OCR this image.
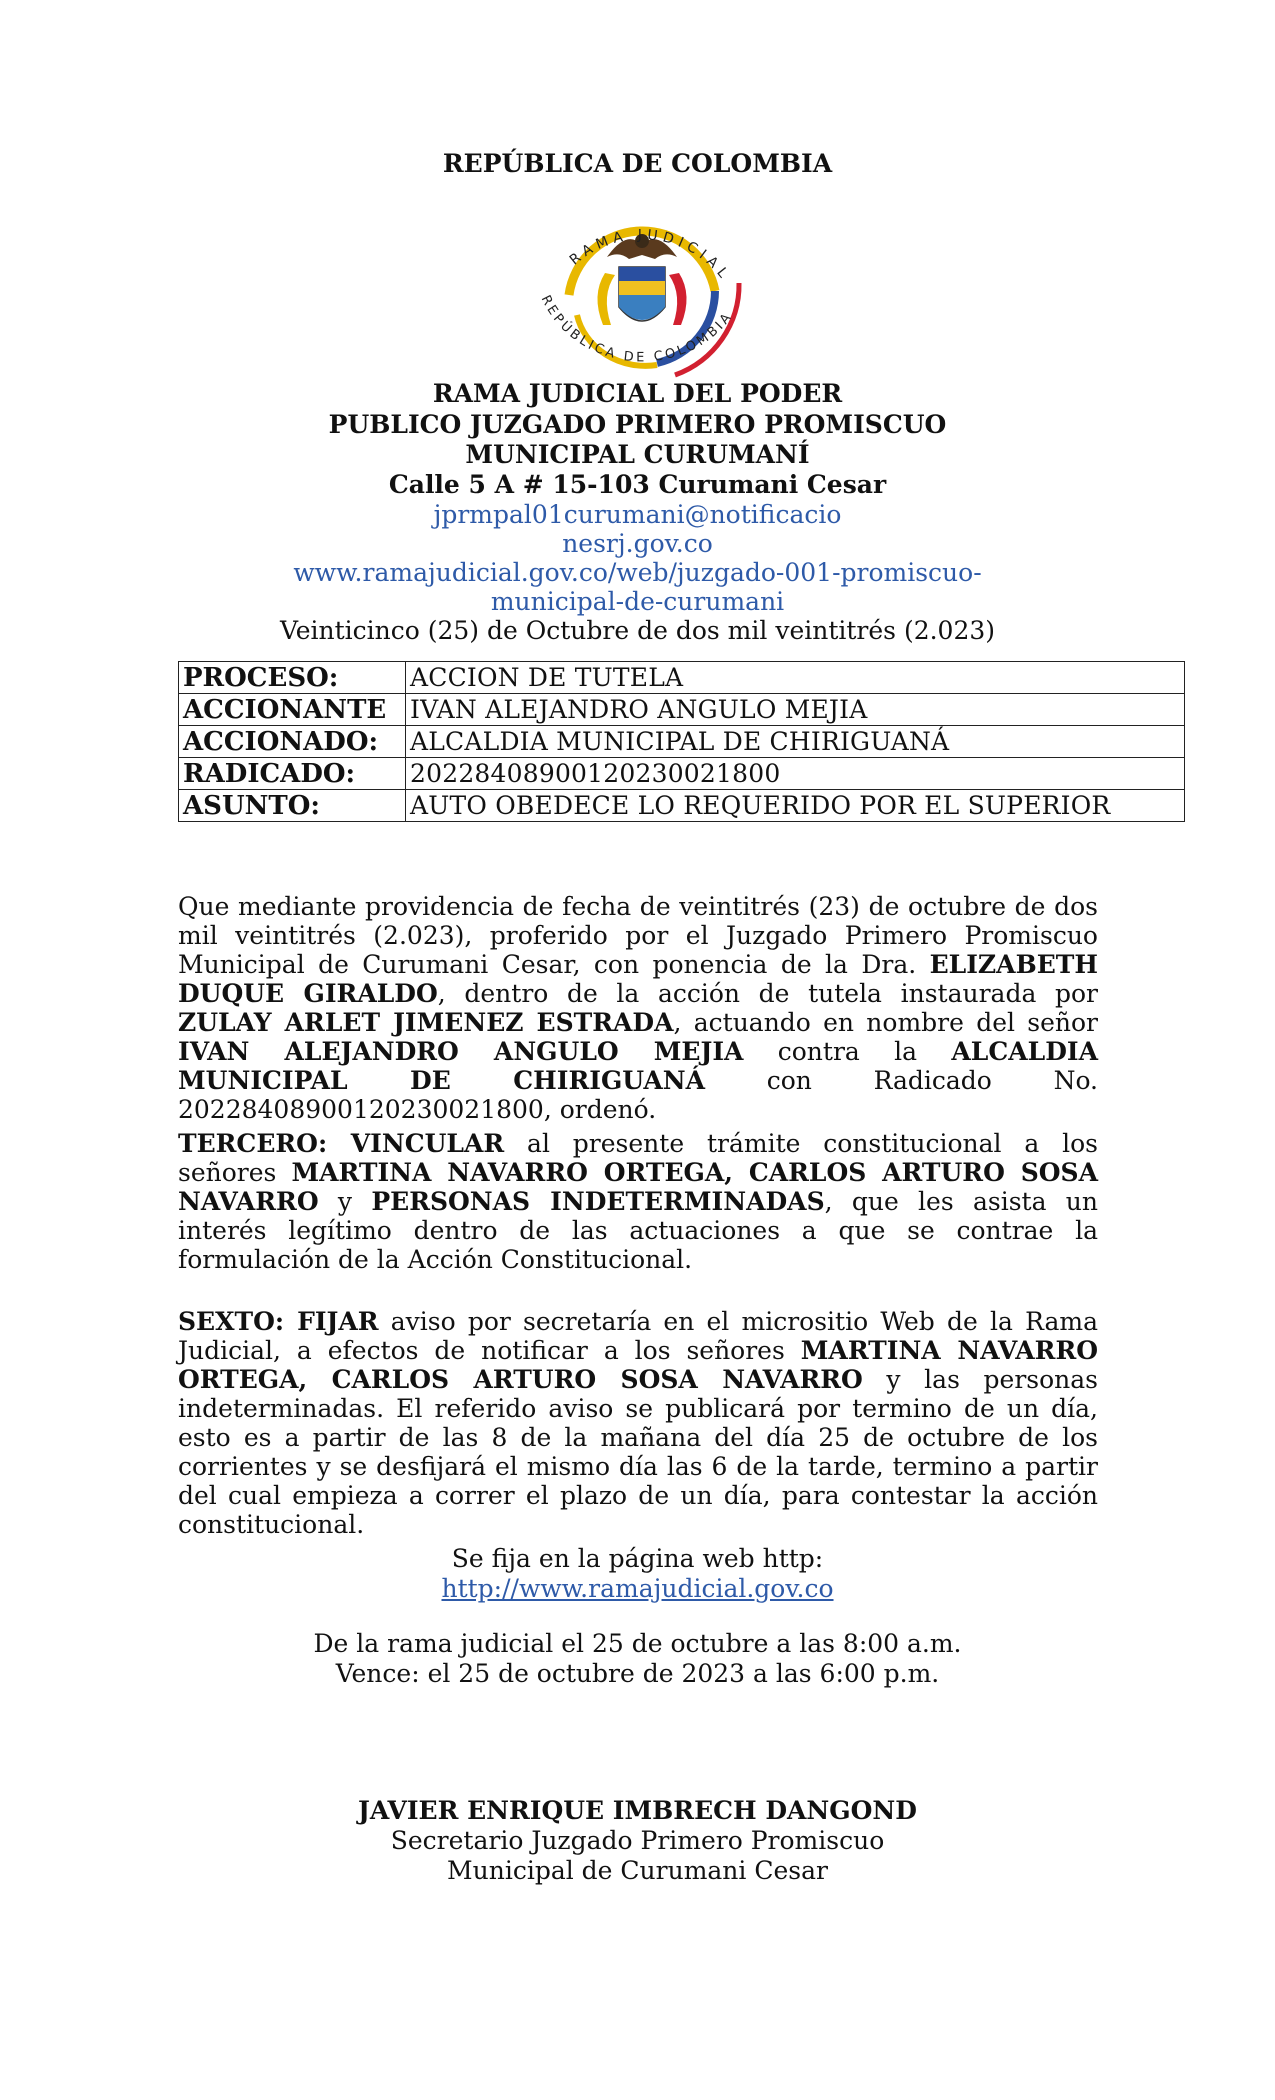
REPÚBLICA DE COLOMBIA
RAMA JUDICIAL
REPÚBLICA DE COLOMBIA
RAMA JUDICIAL DEL PODER
PUBLICO JUZGADO PRIMERO PROMISCUO
MUNICIPAL CURUMANÍ
Calle 5 A # 15-103 Curumani Cesar
jprmpal01curumani@notificacio
nesrj.gov.co
www.ramajudicial.gov.co/web/juzgado-001-promiscuo-
municipal-de-curumani
Veinticinco (25) de Octubre de dos mil veintitrés (2.023)
PROCESO:	ACCION DE TUTELA
ACCIONANTE	IVAN ALEJANDRO ANGULO MEJIA
ACCIONADO:	ALCALDIA MUNICIPAL DE CHIRIGUANÁ
RADICADO:	20228408900120230021800
ASUNTO:	AUTO OBEDECE LO REQUERIDO POR EL SUPERIOR

Que mediante providencia de fecha de veintitrés (23) de octubre de dos mil veintitrés (2.023), proferido por el Juzgado Primero Promiscuo Municipal de Curumani Cesar, con ponencia de la Dra. ELIZABETH DUQUE GIRALDO, dentro de la acción de tutela instaurada por ZULAY ARLET JIMENEZ ESTRADA, actuando en nombre del señor IVAN ALEJANDRO ANGULO MEJIA contra la ALCALDIA MUNICIPAL DE CHIRIGUANÁ con Radicado No. 20228408900120230021800, ordenó.

TERCERO: VINCULAR al presente trámite constitucional a los señores MARTINA NAVARRO ORTEGA, CARLOS ARTURO SOSA NAVARRO y PERSONAS INDETERMINADAS, que les asista un interés legítimo dentro de las actuaciones a que se contrae la formulación de la Acción Constitucional.

SEXTO: FIJAR aviso por secretaría en el micrositio Web de la Rama Judicial, a efectos de notificar a los señores MARTINA NAVARRO ORTEGA, CARLOS ARTURO SOSA NAVARRO y las personas indeterminadas. El referido aviso se publicará por termino de un día, esto es a partir de las 8 de la mañana del día 25 de octubre de los corrientes y se desfijará el mismo día las 6 de la tarde, termino a partir del cual empieza a correr el plazo de un día, para contestar la acción constitucional.

Se fija en la página web http:
http://www.ramajudicial.gov.co
De la rama judicial el 25 de octubre a las 8:00 a.m.
Vence: el 25 de octubre de 2023 a las 6:00 p.m.
JAVIER ENRIQUE IMBRECH DANGOND
Secretario Juzgado Primero Promiscuo
Municipal de Curumani Cesar
